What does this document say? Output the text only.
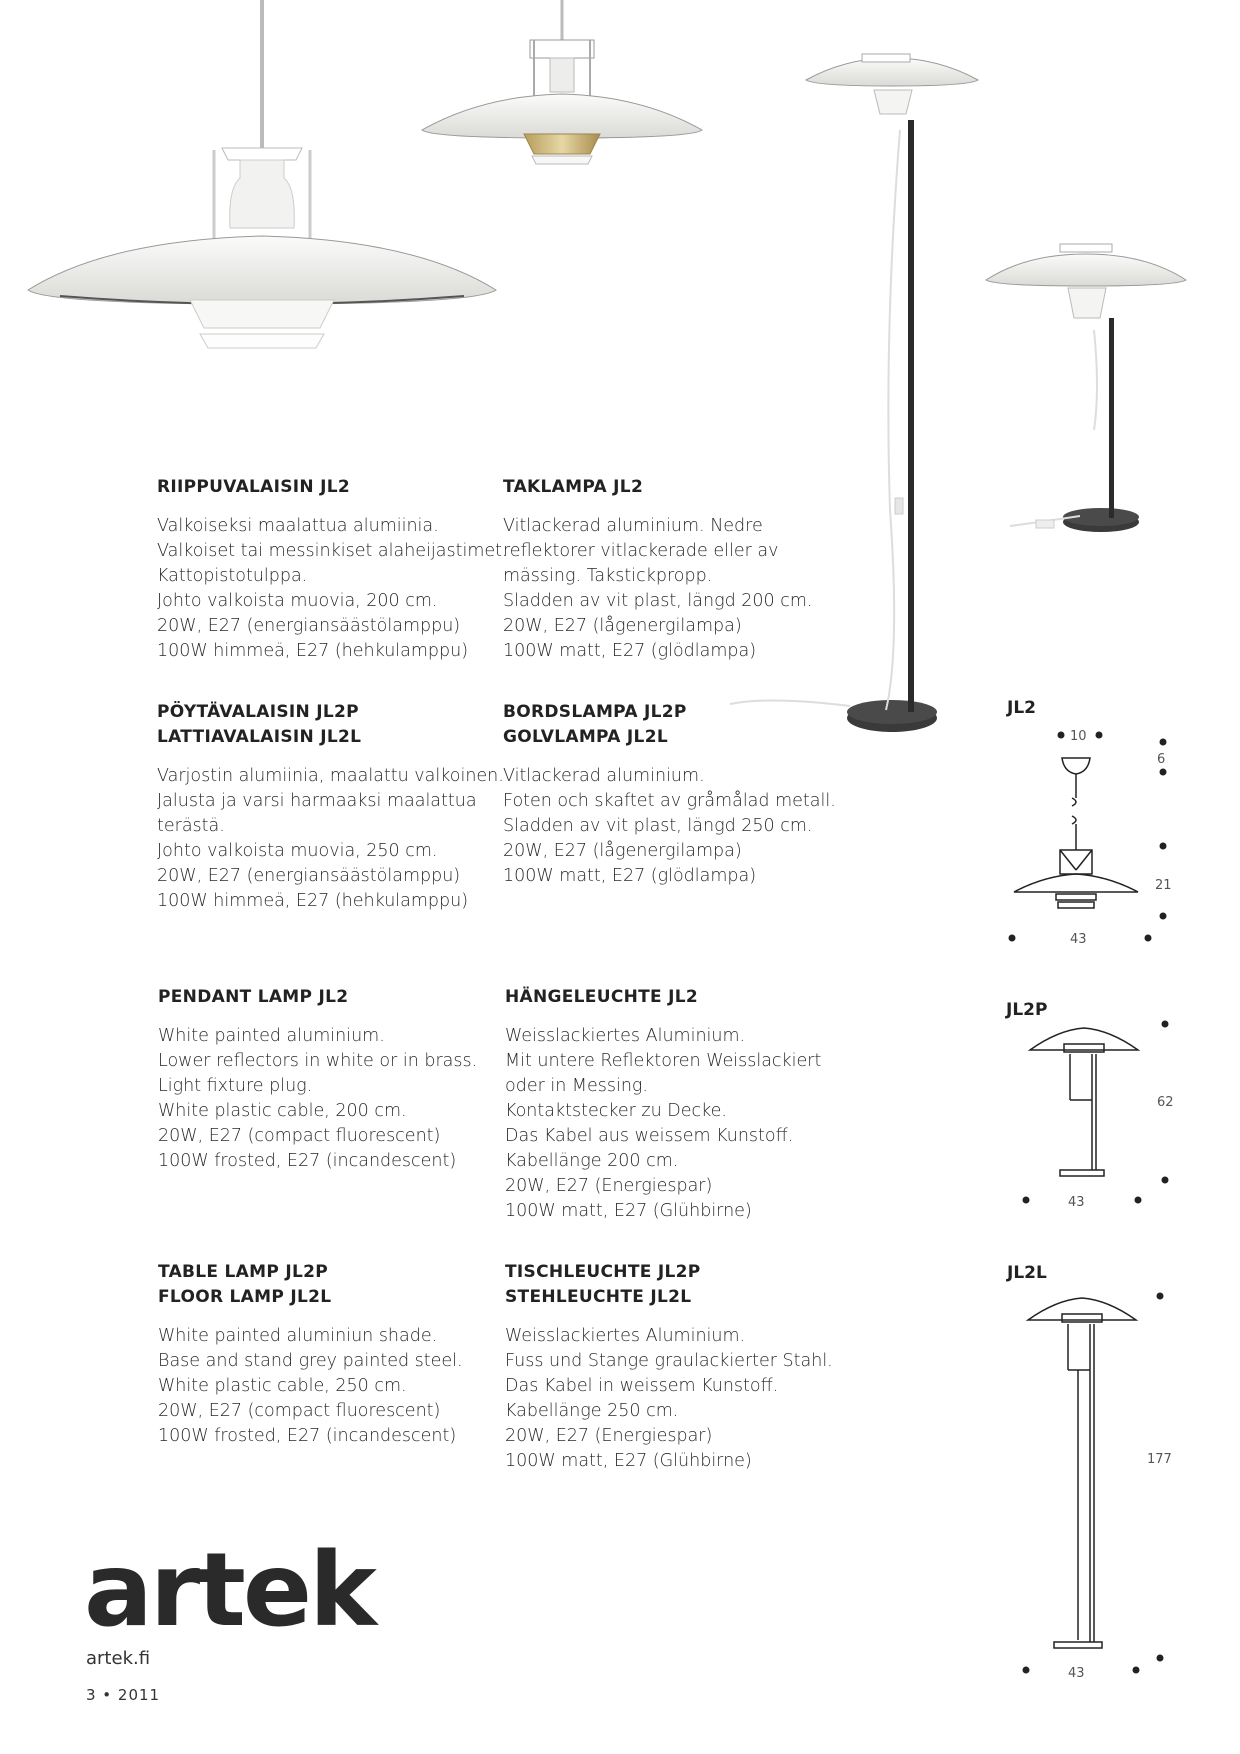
RIIPPUVALAISIN JL2
Valkoiseksi maalattua alumiinia.
Valkoiset tai messinkiset alaheijastimet.
Kattopistotulppa.
Johto valkoista muovia, 200 cm.
20W, E27 (energiansäästölamppu)
100W himmeä, E27 (hehkulamppu)
TAKLAMPA JL2
Vitlackerad aluminium. Nedre
reflektorer vitlackerade eller av
mässing. Takstickpropp.
Sladden av vit plast, längd 200 cm.
20W, E27 (lågenergilampa)
100W matt, E27 (glödlampa)
PÖYTÄVALAISIN JL2P
LATTIAVALAISIN JL2L
Varjostin alumiinia, maalattu valkoinen.
Jalusta ja varsi harmaaksi maalattua
terästä.
Johto valkoista muovia, 250 cm.
20W, E27 (energiansäästölamppu)
100W himmeä, E27 (hehkulamppu)
BORDSLAMPA JL2P
GOLVLAMPA JL2L
Vitlackerad aluminium.
Foten och skaftet av gråmålad metall.
Sladden av vit plast, längd 250 cm.
20W, E27 (lågenergilampa)
100W matt, E27 (glödlampa)
PENDANT LAMP JL2
White painted aluminium.
Lower reflectors in white or in brass.
Light fixture plug.
White plastic cable, 200 cm.
20W, E27 (compact fluorescent)
100W frosted, E27 (incandescent)
HÄNGELEUCHTE JL2
Weisslackiertes Aluminium.
Mit untere Reflektoren Weisslackiert
oder in Messing.
Kontaktstecker zu Decke.
Das Kabel aus weissem Kunstoff.
Kabellänge 200 cm.
20W, E27 (Energiespar)
100W matt, E27 (Glühbirne)
TABLE LAMP JL2P
FLOOR LAMP JL2L
White painted aluminiun shade.
Base and stand grey painted steel.
White plastic cable, 250 cm.
20W, E27 (compact fluorescent)
100W frosted, E27 (incandescent)
TISCHLEUCHTE JL2P
STEHLEUCHTE JL2L
Weisslackiertes Aluminium.
Fuss und Stange graulackierter Stahl.
Das Kabel in weissem Kunstoff.
Kabellänge 250 cm.
20W, E27 (Energiespar)
100W matt, E27 (Glühbirne)
JL2
10
6
21
43
JL2P
62
43
JL2L
177
43
artek
artek.fi
3 • 2011
